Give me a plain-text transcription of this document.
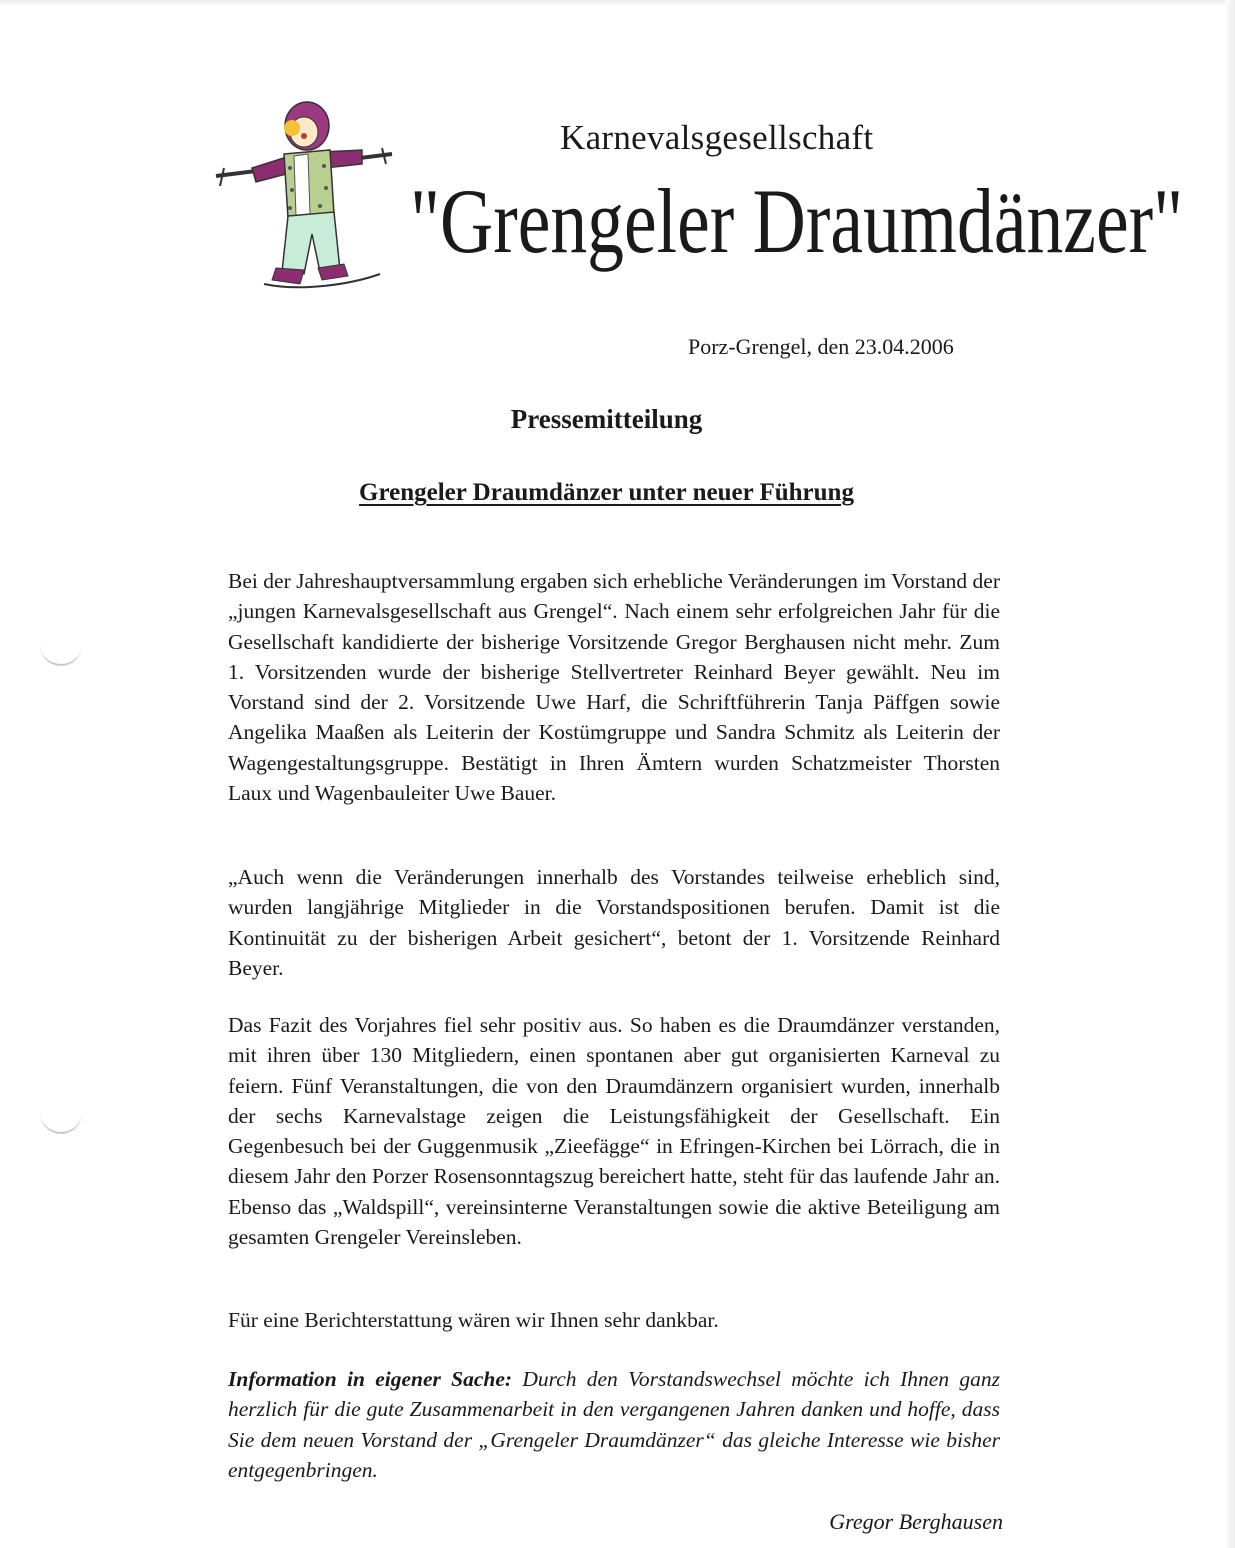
Karnevalsgesellschaft
"Grengeler Draumdänzer"
Porz-Grengel, den 23.04.2006
Pressemitteilung
Grengeler Draumdänzer unter neuer Führung

Bei der Jahreshauptversammlung ergaben sich erhebliche Veränderungen im Vorstand der „jungen Karnevalsgesellschaft aus Grengel“. Nach einem sehr erfolgreichen Jahr für die Gesellschaft kandidierte der bisherige Vorsitzende Gregor Berghausen nicht mehr. Zum 1. Vorsitzenden wurde der bisherige Stellvertreter Reinhard Beyer gewählt. Neu im Vorstand sind der 2. Vorsitzende Uwe Harf, die Schriftführerin Tanja Päffgen sowie Angelika Maaßen als Leiterin der Kostümgruppe und Sandra Schmitz als Leiterin der Wagengestaltungsgruppe. Bestätigt in Ihren Ämtern wurden Schatzmeister Thorsten Laux und Wagenbauleiter Uwe Bauer.

„Auch wenn die Veränderungen innerhalb des Vorstandes teilweise erheblich sind, wurden langjährige Mitglieder in die Vorstandspositionen berufen. Damit ist die Kontinuität zu der bisherigen Arbeit gesichert“, betont der 1. Vorsitzende Reinhard Beyer.

Das Fazit des Vorjahres fiel sehr positiv aus. So haben es die Draumdänzer verstanden, mit ihren über 130 Mitgliedern, einen spontanen aber gut organisierten Karneval zu feiern. Fünf Veranstaltungen, die von den Draumdänzern organisiert wurden, innerhalb der sechs Karnevalstage zeigen die Leistungsfähigkeit der Gesellschaft. Ein Gegenbesuch bei der Guggenmusik „Zieefägge“ in Efringen-Kirchen bei Lörrach, die in diesem Jahr den Porzer Rosensonntagszug bereichert hatte, steht für das laufende Jahr an. Ebenso das „Waldspill“, vereinsinterne Veranstaltungen sowie die aktive Beteiligung am gesamten Grengeler Vereinsleben.

Für eine Berichterstattung wären wir Ihnen sehr dankbar.

Information in eigener Sache: Durch den Vorstandswechsel möchte ich Ihnen ganz herzlich für die gute Zusammenarbeit in den vergangenen Jahren danken und hoffe, dass Sie dem neuen Vorstand der „Grengeler Draumdänzer“ das gleiche Interesse wie bisher entgegenbringen.

Gregor Berghausen
